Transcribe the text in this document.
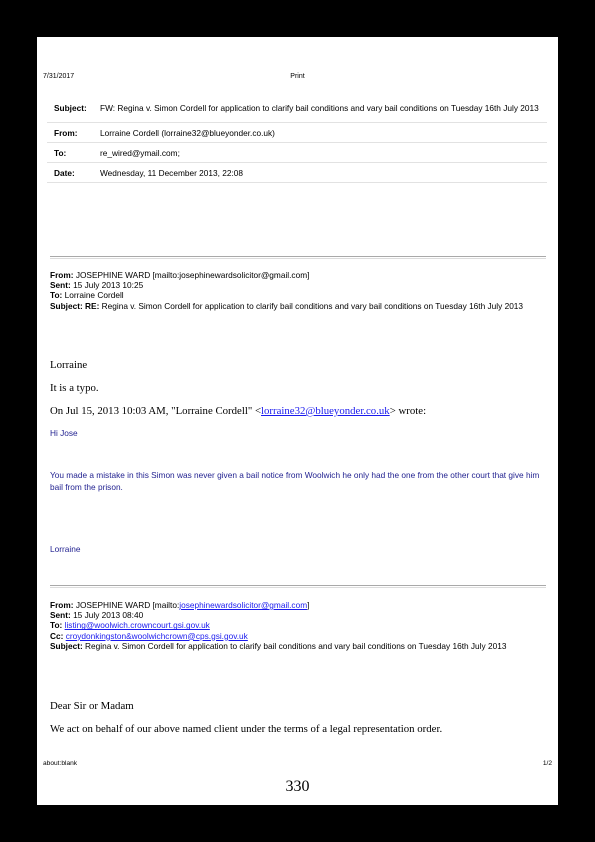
7/31/2017	Print
Subject:	FW: Regina v. Simon Cordell for application to clarify bail conditions and vary bail conditions on Tuesday 16th July 2013
From:	Lorraine Cordell (lorraine32@blueyonder.co.uk)
To:	re_wired@ymail.com;
Date:	Wednesday, 11 December 2013, 22:08
From: JOSEPHINE WARD [mailto:josephinewardsolicitor@gmail.com]
Sent: 15 July 2013 10:25
To: Lorraine Cordell
Subject: RE: Regina v. Simon Cordell for application to clarify bail conditions and vary bail conditions on Tuesday 16th July 2013
Lorraine
It is a typo.
On Jul 15, 2013 10:03 AM, "Lorraine Cordell" <lorraine32@blueyonder.co.uk> wrote:
Hi Jose
You made a mistake in this Simon was never given a bail notice from Woolwich he only had the one from the other court that give him bail from the prison.
Lorraine
From: JOSEPHINE WARD [mailto:josephinewardsolicitor@gmail.com]
Sent: 15 July 2013 08:40
To: listing@woolwich.crowncourt.gsi.gov.uk
Cc: croydonkingston&woolwichcrown@cps.gsi.gov.uk
Subject: Regina v. Simon Cordell for application to clarify bail conditions and vary bail conditions on Tuesday 16th July 2013
Dear Sir or Madam
We act on behalf of our above named client under the terms of a legal representation order.
about:blank	1/2
330
